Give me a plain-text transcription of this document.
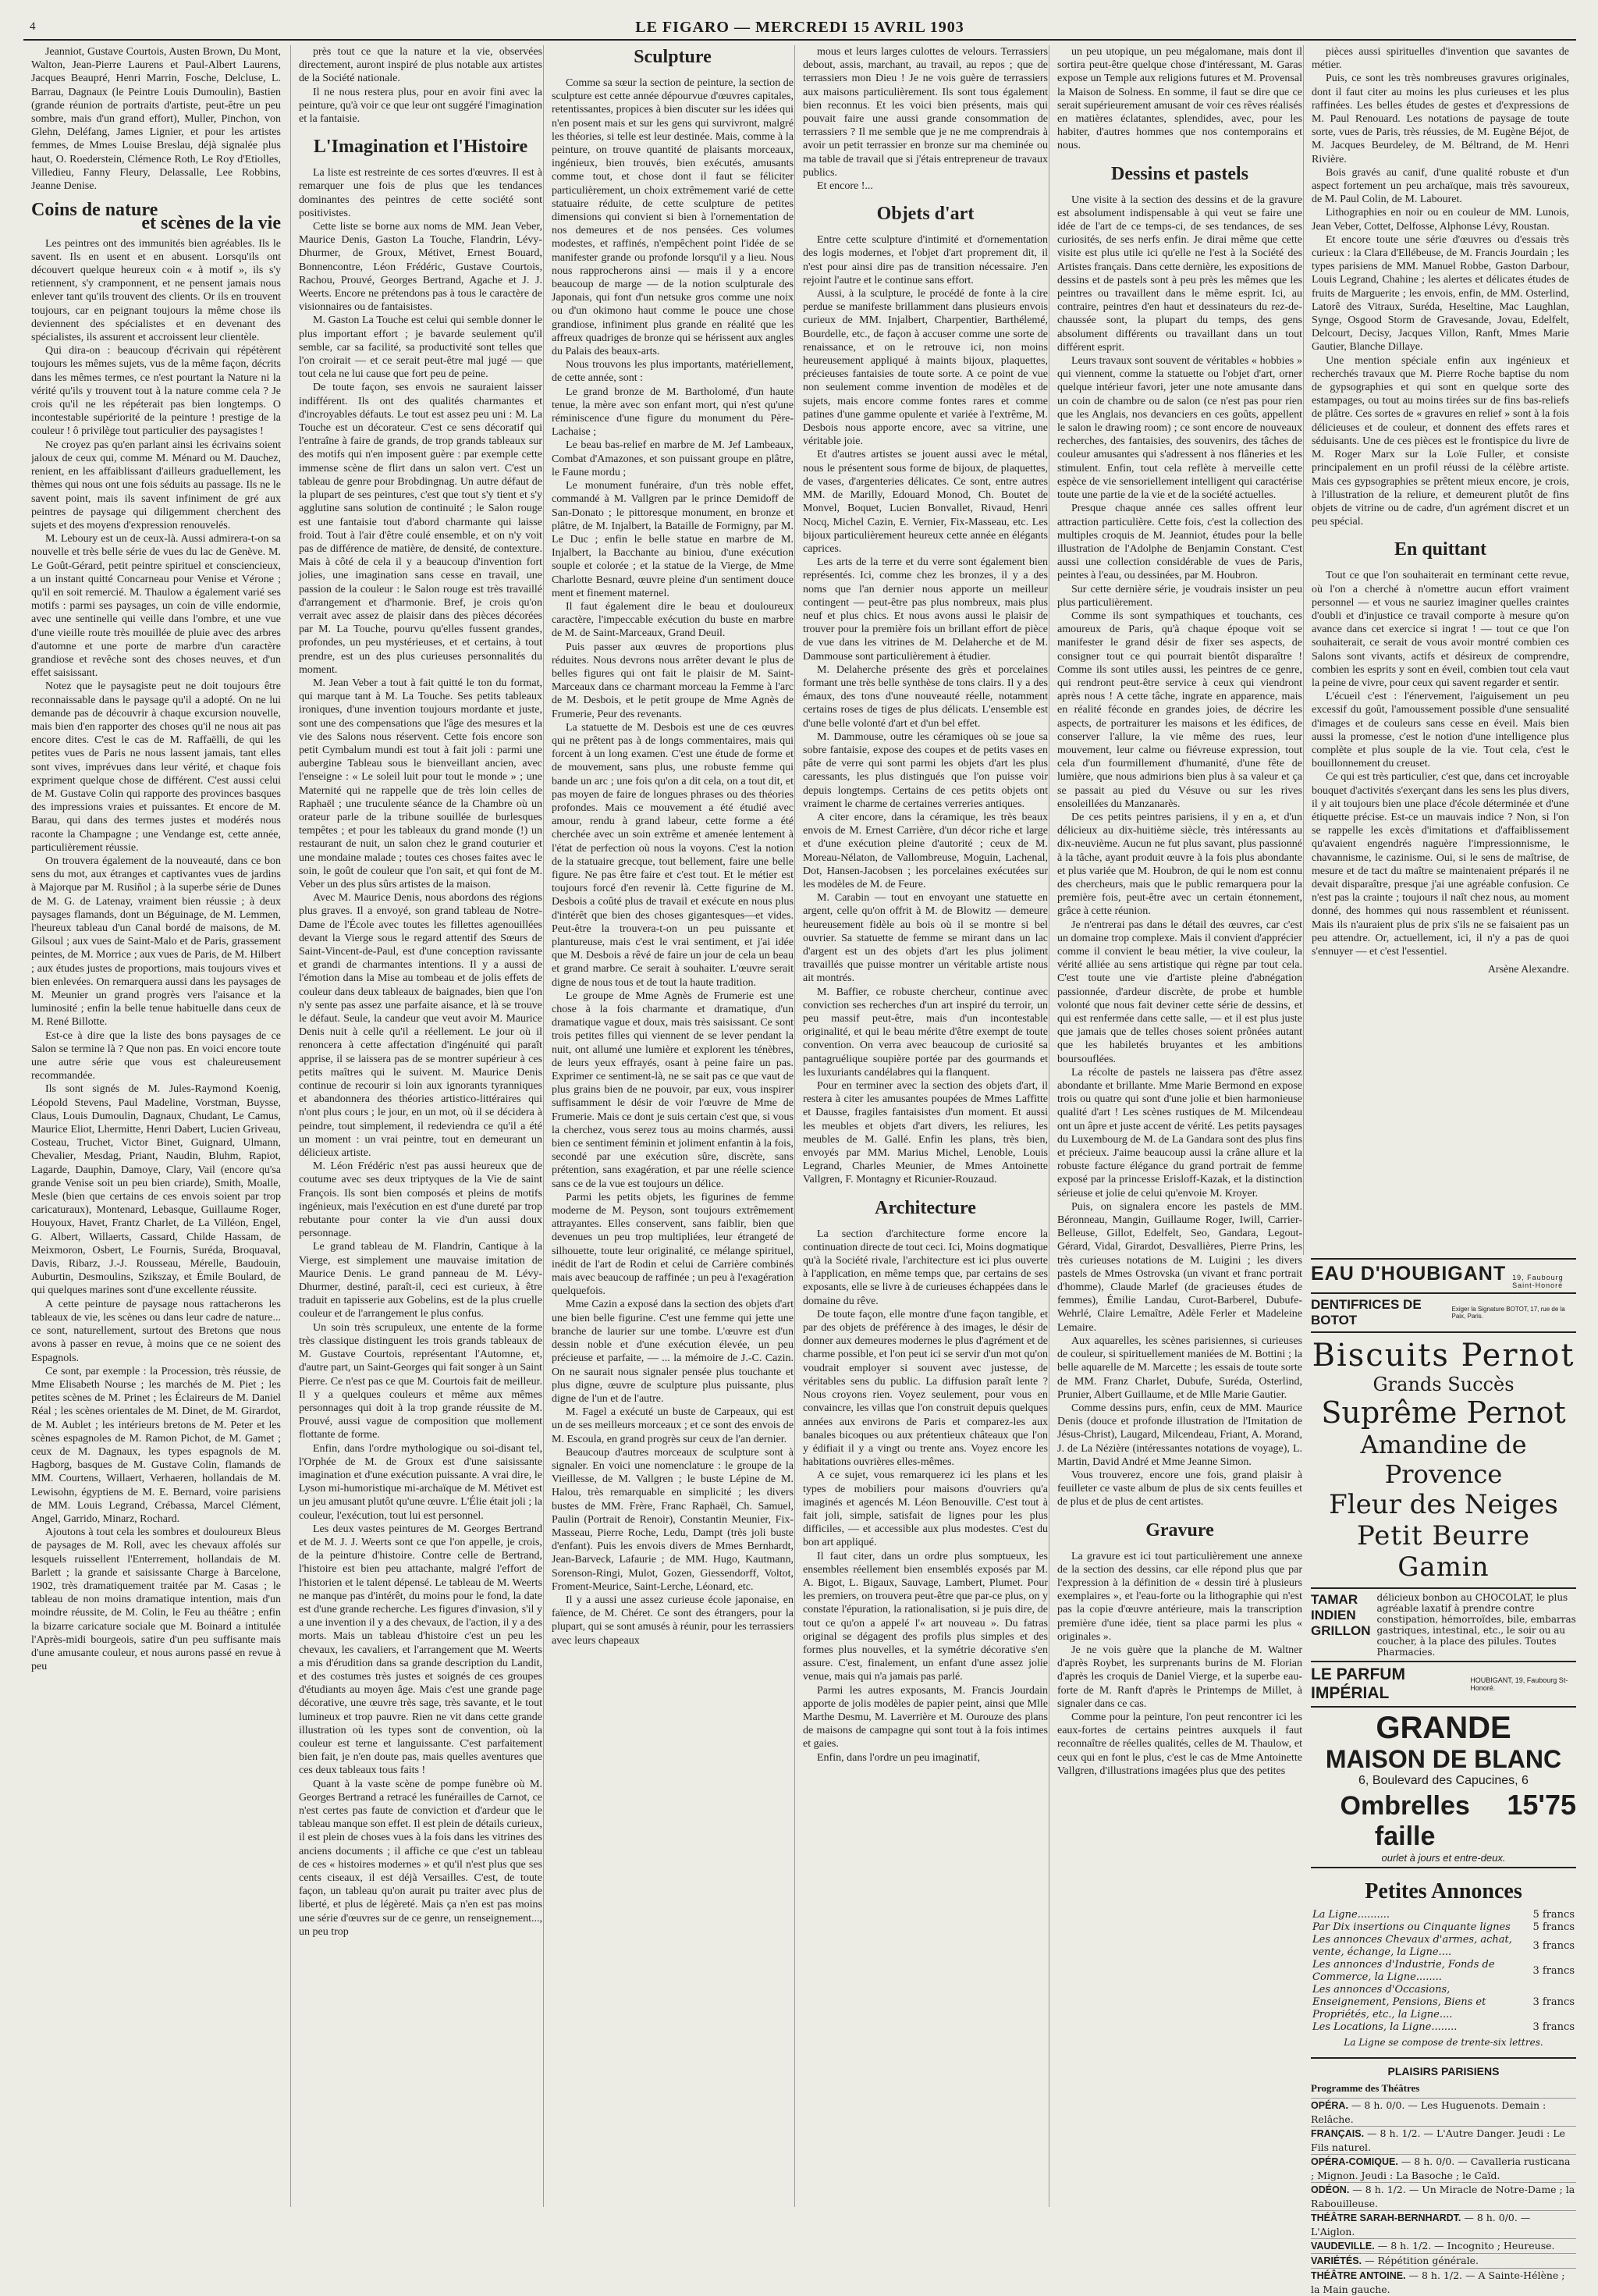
4	LE FIGARO — MERCREDI 15 AVRIL 1903

Jeanniot, Gustave Courtois, Austen Brown, Du Mont, Walton, Jean-Pierre Laurens et Paul-Albert Laurens, Jacques Beaupré, Henri Marrin, Fosche, Delcluse, L. Barrau, Dagnaux (le Peintre Louis Dumoulin), Bastien (grande réunion de portraits d'artiste, peut-être un peu sombre, mais d'un grand effort), Muller, Pinchon, von Glehn, Deléfang, James Lignier, et pour les artistes femmes, de Mmes Louise Breslau, déjà signalée plus haut, O. Roederstein, Clémence Roth, Le Roy d'Etiolles, Villedieu, Fanny Fleury, Delassalle, Lee Robbins, Jeanne Denise.

Coins de nature
et scènes de la vie

Les peintres ont des immunités bien agréables. Ils le savent. Ils en usent et en abusent. Lorsqu'ils ont découvert quelque heureux coin « à motif », ils s'y retiennent, s'y cramponnent, et ne pensent jamais nous enlever tant qu'ils trouvent des clients. Or ils en trouvent toujours, car en peignant toujours la même chose ils deviennent des spécialistes et en devenant des spécialistes, ils assurent et accroissent leur clientèle.

Qui dira-on : beaucoup d'écrivain qui répétèrent toujours les mêmes sujets, vus de la même façon, décrits dans les mêmes termes, ce n'est pourtant la Nature ni la vérité qu'ils y trouvent tout à la nature comme cela ? Je crois qu'il ne les répéterait pas bien longtemps. O incontestable supériorité de la peinture ! prestige de la couleur ! ô privilège tout particulier des paysagistes !

Ne croyez pas qu'en parlant ainsi les écrivains soient jaloux de ceux qui, comme M. Ménard ou M. Dauchez, renient, en les affaiblissant d'ailleurs graduellement, les thèmes qui nous ont une fois séduits au passage. Ils ne le savent point, mais ils savent infiniment de gré aux peintres de paysage qui diligemment cherchent des sujets et des moyens d'expression renouvelés.

M. Leboury est un de ceux-là. Aussi admirera-t-on sa nouvelle et très belle série de vues du lac de Genève. M. Le Goût-Gérard, petit peintre spirituel et consciencieux, a un instant quitté Concarneau pour Venise et Vérone ; qu'il en soit remercié. M. Thaulow a également varié ses motifs : parmi ses paysages, un coin de ville endormie, avec une sentinelle qui veille dans l'ombre, et une vue d'une vieille route très mouillée de pluie avec des arbres d'automne et une porte de marbre d'un caractère grandiose et revêche sont des choses neuves, et d'un effet saisissant.

Notez que le paysagiste peut ne doit toujours être reconnaissable dans le paysage qu'il a adopté. On ne lui demande pas de découvrir à chaque excursion nouvelle, mais bien d'en rapporter des choses qu'il ne nous ait pas encore dites. C'est le cas de M. Raffaëlli, de qui les petites vues de Paris ne nous lassent jamais, tant elles sont vives, imprévues dans leur vérité, et chaque fois expriment quelque chose de différent. C'est aussi celui de M. Gustave Colin qui rapporte des provinces basques des impressions vraies et puissantes. Et encore de M. Barau, qui dans des termes justes et modérés nous raconte la Champagne ; une Vendange est, cette année, particulièrement réussie.

On trouvera également de la nouveauté, dans ce bon sens du mot, aux étranges et captivantes vues de jardins à Majorque par M. Rusiñol ; à la superbe série de Dunes de M. G. de Latenay, vraiment bien réussie ; à deux paysages flamands, dont un Béguinage, de M. Lemmen, l'heureux tableau d'un Canal bordé de maisons, de M. Gilsoul ; aux vues de Saint-Malo et de Paris, grassement peintes, de M. Morrice ; aux vues de Paris, de M. Hilbert ; aux études justes de proportions, mais toujours vives et bien enlevées. On remarquera aussi dans les paysages de M. Meunier un grand progrès vers l'aisance et la luminosité ; enfin la belle tenue habituelle dans ceux de M. René Billotte.

Est-ce à dire que la liste des bons paysages de ce Salon se termine là ? Que non pas. En voici encore toute une autre série que vous est chaleureusement recommandée.

Ils sont signés de M. Jules-Raymond Koenig, Léopold Stevens, Paul Madeline, Vorstman, Buysse, Claus, Louis Dumoulin, Dagnaux, Chudant, Le Camus, Maurice Eliot, Lhermitte, Henri Dabert, Lucien Griveau, Costeau, Truchet, Victor Binet, Guignard, Ulmann, Chevalier, Mesdag, Priant, Naudin, Bluhm, Rapiot, Lagarde, Dauphin, Damoye, Clary, Vail (encore qu'sa grande Venise soit un peu bien criarde), Smith, Moalle, Mesle (bien que certains de ces envois soient par trop caricaturaux), Montenard, Lebasque, Guillaume Roger, Houyoux, Havet, Frantz Charlet, de La Villéon, Engel, G. Albert, Willaerts, Cassard, Childe Hassam, de Meixmoron, Osbert, Le Fournis, Suréda, Broquaval, Davis, Ribarz, J.-J. Rousseau, Mérelle, Baudouin, Auburtin, Desmoulins, Szikszay, et Émile Boulard, de qui quelques marines sont d'une excellente réussite.

A cette peinture de paysage nous rattacherons les tableaux de vie, les scènes ou dans leur cadre de nature... ce sont, naturellement, surtout des Bretons que nous avons à passer en revue, à moins que ce ne soient des Espagnols.

Ce sont, par exemple : la Procession, très réussie, de Mme Elisabeth Nourse ; les marchés de M. Piet ; les petites scènes de M. Prinet ; les Éclaireurs de M. Daniel Réal ; les scènes orientales de M. Dinet, de M. Girardot, de M. Aublet ; les intérieurs bretons de M. Peter et les scènes espagnoles de M. Ramon Pichot, de M. Gamet ; ceux de M. Dagnaux, les types espagnols de M. Hagborg, basques de M. Gustave Colin, flamands de MM. Courtens, Willaert, Verhaeren, hollandais de M. Lewisohn, égyptiens de M. E. Bernard, voire parisiens de MM. Louis Legrand, Crébassa, Marcel Clément, Angel, Garrido, Minarz, Rochard.

Ajoutons à tout cela les sombres et douloureux Bleus de paysages de M. Roll, avec les chevaux affolés sur lesquels ruissellent l'Enterrement, hollandais de M. Barlett ; la grande et saisissante Charge à Barcelone, 1902, très dramatiquement traitée par M. Casas ; le tableau de non moins dramatique intention, mais d'un moindre réussite, de M. Colin, le Feu au théâtre ; enfin la bizarre caricature sociale que M. Boinard a intitulée l'Après-midi bourgeois, satire d'un peu suffisante mais d'une amusante couleur, et nous aurons passé en revue à peu

près tout ce que la nature et la vie, observées directement, auront inspiré de plus notable aux artistes de la Société nationale.

Il ne nous restera plus, pour en avoir fini avec la peinture, qu'à voir ce que leur ont suggéré l'imagination et la fantaisie.

L'Imagination et l'Histoire

La liste est restreinte de ces sortes d'œuvres. Il est à remarquer une fois de plus que les tendances dominantes des peintres de cette société sont positivistes.

Cette liste se borne aux noms de MM. Jean Veber, Maurice Denis, Gaston La Touche, Flandrin, Lévy-Dhurmer, de Groux, Métivet, Ernest Bouard, Bonnencontre, Léon Frédéric, Gustave Courtois, Rachou, Prouvé, Georges Bertrand, Agache et J. J. Weerts. Encore ne prétendons pas à tous le caractère de visionnaires ou de fantaisistes.

M. Gaston La Touche est celui qui semble donner le plus important effort ; je bavarde seulement qu'il semble, car sa facilité, sa productivité sont telles que l'on croirait — et ce serait peut-être mal jugé — que tout cela ne lui cause que fort peu de peine.

De toute façon, ses envois ne sauraient laisser indifférent. Ils ont des qualités charmantes et d'incroyables défauts. Le tout est assez peu uni : M. La Touche est un décorateur. C'est ce sens décoratif qui l'entraîne à faire de grands, de trop grands tableaux sur des motifs qui n'en imposent guère : par exemple cette immense scène de flirt dans un salon vert. C'est un tableau de genre pour Brobdingnag. Un autre défaut de la plupart de ses peintures, c'est que tout s'y tient et s'y agglutine sans solution de continuité ; le Salon rouge est une fantaisie tout d'abord charmante qui laisse froid. Tout à l'air d'être coulé ensemble, et on n'y voit pas de différence de matière, de densité, de contexture. Mais à côté de cela il y a beaucoup d'invention fort jolies, une imagination sans cesse en travail, une passion de la couleur : le Salon rouge est très travaillé d'arrangement et d'harmonie. Bref, je crois qu'on verrait avec assez de plaisir dans des pièces décorées par M. La Touche, pourvu qu'elles fussent grandes, profondes, un peu mystérieuses, et et certains, à tout prendre, est un des plus curieuses personnalités du moment.

M. Jean Veber a tout à fait quitté le ton du format, qui marque tant à M. La Touche. Ses petits tableaux ironiques, d'une invention toujours mordante et juste, sont une des compensations que l'âge des mesures et la vie des Salons nous réservent. Cette fois encore son petit Cymbalum mundi est tout à fait joli : parmi une aubergine Tableau sous le bienveillant ancien, avec l'enseigne : « Le soleil luit pour tout le monde » ; une Maternité qui ne rappelle que de très loin celles de Raphaël ; une truculente séance de la Chambre où un orateur parle de la tribune souillée de burlesques tempêtes ; et pour les tableaux du grand monde (!) un restaurant de nuit, un salon chez le grand couturier et une mondaine malade ; toutes ces choses faites avec le soin, le goût de couleur que l'on sait, et qui font de M. Veber un des plus sûrs artistes de la maison.

Avec M. Maurice Denis, nous abordons des régions plus graves. Il a envoyé, son grand tableau de Notre-Dame de l'École avec toutes les fillettes agenouillées devant la Vierge sous le regard attentif des Sœurs de Saint-Vincent-de-Paul, est d'une conception ravissante et grandi de charmantes intentions. Il y a aussi de l'émotion dans la Mise au tombeau et de jolis effets de couleur dans deux tableaux de baignades, bien que l'on n'y sente pas assez une parfaite aisance, et là se trouve le défaut. Seule, la candeur que veut avoir M. Maurice Denis nuit à celle qu'il a réellement. Le jour où il renoncera à cette affectation d'ingénuité qui paraît apprise, il se laissera pas de se montrer supérieur à ces petits maîtres qui le suivent. M. Maurice Denis continue de recourir si loin aux ignorants tyranniques et abandonnera des théories artistico-littéraires qui n'ont plus cours ; le jour, en un mot, où il se décidera à peindre, tout simplement, il redeviendra ce qu'il a été un moment : un vrai peintre, tout en demeurant un délicieux artiste.

M. Léon Frédéric n'est pas aussi heureux que de coutume avec ses deux triptyques de la Vie de saint François. Ils sont bien composés et pleins de motifs ingénieux, mais l'exécution en est d'une dureté par trop rebutante pour conter la vie d'un aussi doux personnage.

Le grand tableau de M. Flandrin, Cantique à la Vierge, est simplement une mauvaise imitation de Maurice Denis. Le grand panneau de M. Lévy-Dhurmer, destiné, paraît-il, ceci est curieux, à être traduit en tapisserie aux Gobelins, est de la plus cruelle couleur et de l'arrangement le plus confus.

Un soin très scrupuleux, une entente de la forme très classique distinguent les trois grands tableaux de M. Gustave Courtois, représentant l'Automne, et, d'autre part, un Saint-Georges qui fait songer à un Saint Pierre. Ce n'est pas ce que M. Courtois fait de meilleur. Il y a quelques couleurs et même aux mêmes personnages qui doit à la trop grande réussite de M. Prouvé, aussi vague de composition que mollement flottante de forme.

Enfin, dans l'ordre mythologique ou soi-disant tel, l'Orphée de M. de Groux est d'une saisissante imagination et d'une exécution puissante. A vrai dire, le Lyson mi-humoristique mi-archaïque de M. Métivet est un jeu amusant plutôt qu'une œuvre. L'Élie était joli ; la couleur, l'exécution, tout lui est personnel.

Les deux vastes peintures de M. Georges Bertrand et de M. J. J. Weerts sont ce que l'on appelle, je crois, de la peinture d'histoire. Contre celle de Bertrand, l'histoire est bien peu attachante, malgré l'effort de l'historien et le talent dépensé. Le tableau de M. Weerts ne manque pas d'intérêt, du moins pour le fond, la date est d'une grande recherche. Les figures d'invasion, s'il y a une invention il y a des chevaux, de l'action, il y a des morts. Mais un tableau d'histoire c'est un peu les chevaux, les cavaliers, et l'arrangement que M. Weerts a mis d'érudition dans sa grande description du Landit, et des costumes très justes et soignés de ces groupes d'étudiants au moyen âge. Mais c'est une grande page décorative, une œuvre très sage, très savante, et le tout lumineux et trop pauvre. Rien ne vit dans cette grande illustration où les types sont de convention, où la couleur est terne et languissante. C'est parfaitement bien fait, je n'en doute pas, mais quelles aventures que ces deux tableaux tous faits !

Quant à la vaste scène de pompe funèbre où M. Georges Bertrand a retracé les funérailles de Carnot, ce n'est certes pas faute de conviction et d'ardeur que le tableau manque son effet. Il est plein de détails curieux, il est plein de choses vues à la fois dans les vitrines des anciens documents ; il affiche ce que c'est un tableau de ces « histoires modernes » et qu'il n'est plus que ses cents ciseaux, il est déjà Versailles. C'est, de toute façon, un tableau qu'on aurait pu traiter avec plus de liberté, et plus de légèreté. Mais ça n'en est pas moins une série d'œuvres sur de ce genre, un renseignement..., un peu trop

Sculpture

Comme sa sœur la section de peinture, la section de sculpture est cette année dépourvue d'œuvres capitales, retentissantes, propices à bien discuter sur les idées qui n'en posent mais et sur les gens qui survivront, malgré les théories, si telle est leur destinée. Mais, comme à la peinture, on trouve quantité de plaisants morceaux, ingénieux, bien trouvés, bien exécutés, amusants comme tout, et chose dont il faut se féliciter particulièrement, un choix extrêmement varié de cette statuaire réduite, de cette sculpture de petites dimensions qui convient si bien à l'ornementation de nos demeures et de nos pensées. Ces volumes modestes, et raffinés, n'empêchent point l'idée de se manifester grande ou profonde lorsqu'il y a lieu. Nous nous rapprocherons ainsi — mais il y a encore beaucoup de marge — de la notion sculpturale des Japonais, qui font d'un netsuke gros comme une noix ou d'un okimono haut comme le pouce une chose grandiose, infiniment plus grande en réalité que les affreux quadriges de bronze qui se hérissent aux angles du Palais des beaux-arts.

Nous trouvons les plus importants, matériellement, de cette année, sont :

Le grand bronze de M. Bartholomé, d'un haute tenue, la mère avec son enfant mort, qui n'est qu'une réminiscence d'une figure du monument du Père-Lachaise ;

Le beau bas-relief en marbre de M. Jef Lambeaux, Combat d'Amazones, et son puissant groupe en plâtre, le Faune mordu ;

Le monument funéraire, d'un très noble effet, commandé à M. Vallgren par le prince Demidoff de San-Donato ; le pittoresque monument, en bronze et plâtre, de M. Injalbert, la Bataille de Formigny, par M. Le Duc ; enfin le belle statue en marbre de M. Injalbert, la Bacchante au biniou, d'une exécution souple et colorée ; et la statue de la Vierge, de Mme Charlotte Besnard, œuvre pleine d'un sentiment douce ment et finement maternel.

Il faut également dire le beau et douloureux caractère, l'impeccable exécution du buste en marbre de M. de Saint-Marceaux, Grand Deuil.

Puis passer aux œuvres de proportions plus réduites. Nous devrons nous arrêter devant le plus de belles figures qui ont fait le plaisir de M. Saint-Marceaux dans ce charmant morceau la Femme à l'arc de M. Desbois, et le petit groupe de Mme Agnès de Frumerie, Peur des revenants.

La statuette de M. Desbois est une de ces œuvres qui ne prêtent pas à de longs commentaires, mais qui forcent à un long examen. C'est une étude de forme et de mouvement, sans plus, une robuste femme qui bande un arc ; une fois qu'on a dit cela, on a tout dit, et pas moyen de faire de longues phrases ou des théories profondes. Mais ce mouvement a été étudié avec amour, rendu à grand labeur, cette forme a été cherchée avec un soin extrême et amenée lentement à l'état de perfection où nous la voyons. C'est la notion de la statuaire grecque, tout bellement, faire une belle figure. Ne pas être faire et c'est tout. Et le métier est toujours forcé d'en revenir là. Cette figurine de M. Desbois a coûté plus de travail et exécute en nous plus d'intérêt que bien des choses gigantesques—et vides. Peut-être la trouvera-t-on un peu puissante et plantureuse, mais c'est le vrai sentiment, et j'ai idée que M. Desbois a rêvé de faire un jour de cela un beau et grand marbre. Ce serait à souhaiter. L'œuvre serait digne de nous tous et de tout la haute tradition.

Le groupe de Mme Agnès de Frumerie est une chose à la fois charmante et dramatique, d'un dramatique vague et doux, mais très saisissant. Ce sont trois petites filles qui viennent de se lever pendant la nuit, ont allumé une lumière et explorent les ténèbres, de leurs yeux effrayés, osant à peine faire un pas. Exprimer ce sentiment-là, ne se sait pas ce que vaut de plus grains bien de ne pouvoir, par eux, vous inspirer suffisamment le désir de voir l'œuvre de Mme de Frumerie. Mais ce dont je suis certain c'est que, si vous la cherchez, vous serez tous au moins charmés, aussi bien ce sentiment féminin et joliment enfantin à la fois, secondé par une exécution sûre, discrète, sans prétention, sans exagération, et par une réelle science sans ce de la vue est toujours un délice.

Parmi les petits objets, les figurines de femme moderne de M. Peyson, sont toujours extrêmement attrayantes. Elles conservent, sans faiblir, bien que devenues un peu trop multipliées, leur étrangeté de silhouette, toute leur originalité, ce mélange spirituel, inédit de l'art de Rodin et celui de Carrière combinés mais avec beaucoup de raffinée ; un peu à l'exagération quelquefois.

Mme Cazin a exposé dans la section des objets d'art une bien belle figurine. C'est une femme qui jette une branche de laurier sur une tombe. L'œuvre est d'un dessin noble et d'une exécution élevée, un peu précieuse et parfaite, — ... la mémoire de J.-C. Cazin. On ne saurait nous signaler pensée plus touchante et plus digne, œuvre de sculpture plus puissante, plus digne de l'un et de l'autre.

M. Fagel a exécuté un buste de Carpeaux, qui est un de ses meilleurs morceaux ; et ce sont des envois de M. Escoula, en grand progrès sur ceux de l'an dernier.

Beaucoup d'autres morceaux de sculpture sont à signaler. En voici une nomenclature : le groupe de la Vieillesse, de M. Vallgren ; le buste Lépine de M. Halou, très remarquable en simplicité ; les divers bustes de MM. Frère, Franc Raphaël, Ch. Samuel, Paulin (Portrait de Renoir), Constantin Meunier, Fix-Masseau, Pierre Roche, Ledu, Dampt (très joli buste d'enfant). Puis les envois divers de Mmes Bernhardt, Jean-Barveck, Lafaurie ; de MM. Hugo, Kautmann, Sorenson-Ringi, Mulot, Gozen, Giessendorff, Voltot, Froment-Meurice, Saint-Lerche, Léonard, etc.

Il y a aussi une assez curieuse école japonaise, en faïence, de M. Chéret. Ce sont des étrangers, pour la plupart, qui se sont amusés à réunir, pour les terrassiers avec leurs chapeaux

mous et leurs larges culottes de velours. Terrassiers debout, assis, marchant, au travail, au repos ; que de terrassiers mon Dieu ! Je ne vois guère de terrassiers aux maisons particulièrement. Ils sont tous également bien reconnus. Et les voici bien présents, mais qui pouvait faire une aussi grande consommation de terrassiers ? Il me semble que je ne me comprendrais à avoir un petit terrassier en bronze sur ma cheminée ou ma table de travail que si j'étais entrepreneur de travaux publics.

Et encore !...

Objets d'art

Entre cette sculpture d'intimité et d'ornementation des logis modernes, et l'objet d'art proprement dit, il n'est pour ainsi dire pas de transition nécessaire. J'en rejoint l'autre et le continue sans effort.

Aussi, à la sculpture, le procédé de fonte à la cire perdue se manifeste brillamment dans plusieurs envois curieux de MM. Injalbert, Charpentier, Barthélemé, Bourdelle, etc., de façon à accuser comme une sorte de renaissance, et on le retrouve ici, non moins heureusement appliqué à maints bijoux, plaquettes, précieuses fantaisies de toute sorte. A ce point de vue non seulement comme invention de modèles et de sujets, mais encore comme fontes rares et comme patines d'une gamme opulente et variée à l'extrême, M. Desbois nous apporte encore, avec sa vitrine, une véritable joie.

Et d'autres artistes se jouent aussi avec le métal, nous le présentent sous forme de bijoux, de plaquettes, de vases, d'argenteries délicates. Ce sont, entre autres MM. de Marilly, Edouard Monod, Ch. Boutet de Monvel, Boquet, Lucien Bonvallet, Rivaud, Henri Nocq, Michel Cazin, E. Vernier, Fix-Masseau, etc. Les bijoux particulièrement heureux cette année en élégants caprices.

Les arts de la terre et du verre sont également bien représentés. Ici, comme chez les bronzes, il y a des noms que l'an dernier nous apporte un meilleur contingent — peut-être pas plus nombreux, mais plus neuf et plus chics. Et nous avons aussi le plaisir de trouver pour la première fois un brillant effort de pièce de vue dans les vitrines de M. Delaherche et de M. Dammouse sont particulièrement à étudier.

M. Delaherche présente des grès et porcelaines formant une très belle synthèse de tons clairs. Il y a des émaux, des tons d'une nouveauté réelle, notamment certains roses de tiges de plus délicats. L'ensemble est d'une belle volonté d'art et d'un bel effet.

M. Dammouse, outre les céramiques où se joue sa sobre fantaisie, expose des coupes et de petits vases en pâte de verre qui sont parmi les objets d'art les plus caressants, les plus distingués que l'on puisse voir depuis longtemps. Certains de ces petits objets ont vraiment le charme de certaines verreries antiques.

A citer encore, dans la céramique, les très beaux envois de M. Ernest Carrière, d'un décor riche et large et d'une exécution pleine d'autorité ; ceux de M. Moreau-Nélaton, de Vallombreuse, Moguin, Lachenal, Dot, Hansen-Jacobsen ; les porcelaines exécutées sur les modèles de M. de Feure.

M. Carabin — tout en envoyant une statuette en argent, celle qu'on offrit à M. de Blowitz — demeure heureusement fidèle au bois où il se montre si bel ouvrier. Sa statuette de femme se mirant dans un lac d'argent est un des objets d'art les plus joliment travaillés que puisse montrer un véritable artiste nous ait montrés.

M. Baffier, ce robuste chercheur, continue avec conviction ses recherches d'un art inspiré du terroir, un peu massif peut-être, mais d'un incontestable originalité, et qui le beau mérite d'être exempt de toute convention. On verra avec beaucoup de curiosité sa pantagruélique soupière portée par des gourmands et les luxuriants candélabres qui la flanquent.

Pour en terminer avec la section des objets d'art, il restera à citer les amusantes poupées de Mmes Laffitte et Dausse, fragiles fantaisistes d'un moment. Et aussi les meubles et objets d'art divers, les reliures, les meubles de M. Gallé. Enfin les plans, très bien, envoyés par MM. Marius Michel, Lenoble, Louis Legrand, Charles Meunier, de Mmes Antoinette Vallgren, F. Montagny et Ricunier-Rouzaud.

Architecture

La section d'architecture forme encore la continuation directe de tout ceci. Ici, Moins dogmatique qu'à la Société rivale, l'architecture est ici plus ouverte à l'application, en même temps que, par certains de ses exposants, elle se livre à de curieuses échappées dans le domaine du rêve.

De toute façon, elle montre d'une façon tangible, et par des objets de préférence à des images, le désir de donner aux demeures modernes le plus d'agrément et de charme possible, et l'on peut ici se servir d'un mot qu'on voudrait employer si souvent avec justesse, de véritables sens du public. La diffusion paraît lente ? Nous croyons rien. Voyez seulement, pour vous en convaincre, les villas que l'on construit depuis quelques années aux environs de Paris et comparez-les aux banales bicoques ou aux prétentieux châteaux que l'on y édifiait il y a vingt ou trente ans. Voyez encore les habitations ouvrières elles-mêmes.

A ce sujet, vous remarquerez ici les plans et les types de mobiliers pour maisons d'ouvriers qu'a imaginés et agencés M. Léon Benouville. C'est tout à fait joli, simple, satisfait de lignes pour les plus difficiles, — et accessible aux plus modestes. C'est du bon art appliqué.

Il faut citer, dans un ordre plus somptueux, les ensembles réellement bien ensemblés exposés par M. A. Bigot, L. Bigaux, Sauvage, Lambert, Plumet. Pour les premiers, on trouvera peut-être que par-ce plus, on y constate l'épuration, la rationalisation, si je puis dire, de tout ce qu'on a appelé l'« art nouveau ». Du fatras original se dégagent des profils plus simples et des formes plus nouvelles, et la symétrie décorative s'en assure. C'est, finalement, un enfant d'une assez jolie venue, mais qui n'a jamais pas parlé.

Parmi les autres exposants, M. Francis Jourdain apporte de jolis modèles de papier peint, ainsi que Mlle Marthe Desmu, M. Laverrière et M. Ourouze des plans de maisons de campagne qui sont tout à la fois intimes et gaies.

Enfin, dans l'ordre un peu imaginatif,

un peu utopique, un peu mégalomane, mais dont il sortira peut-être quelque chose d'intéressant, M. Garas expose un Temple aux religions futures et M. Provensal la Maison de Solness. En somme, il faut se dire que ce serait supérieurement amusant de voir ces rêves réalisés en matières éclatantes, splendides, avec, pour les habiter, d'autres hommes que nos contemporains et nous.

Dessins et pastels

Une visite à la section des dessins et de la gravure est absolument indispensable à qui veut se faire une idée de l'art de ce temps-ci, de ses tendances, de ses curiosités, de ses nerfs enfin. Je dirai même que cette visite est plus utile ici qu'elle ne l'est à la Société des Artistes français. Dans cette dernière, les expositions de dessins et de pastels sont à peu près les mêmes que les peintres ou travaillent dans le même esprit. Ici, au contraire, peintres d'en haut et dessinateurs du rez-de-chaussée sont, la plupart du temps, des gens absolument différents ou travaillant dans un tout différent esprit.

Leurs travaux sont souvent de véritables « hobbies » qui viennent, comme la statuette ou l'objet d'art, orner quelque intérieur favori, jeter une note amusante dans un coin de chambre ou de salon (ce n'est pas pour rien que les Anglais, nos devanciers en ces goûts, appellent le salon le drawing room) ; ce sont encore de nouveaux recherches, des fantaisies, des souvenirs, des tâches de couleur amusantes qui s'adressent à nos flâneries et les stimulent. Enfin, tout cela reflète à merveille cette espèce de vie sensoriellement intelligent qui caractérise toute une partie de la vie et de la société actuelles.

Presque chaque année ces salles offrent leur attraction particulière. Cette fois, c'est la collection des multiples croquis de M. Jeanniot, études pour la belle illustration de l'Adolphe de Benjamin Constant. C'est aussi une collection considérable de vues de Paris, peintes à l'eau, ou dessinées, par M. Houbron.

Sur cette dernière série, je voudrais insister un peu plus particulièrement.

Comme ils sont sympathiques et touchants, ces amoureux de Paris, qu'à chaque époque voit se manifester le grand désir de fixer ses aspects, de consigner tout ce qui pourrait bientôt disparaître ! Comme ils sont utiles aussi, les peintres de ce genre, qui rendront peut-être service à ceux qui viendront après nous ! A cette tâche, ingrate en apparence, mais en réalité féconde en grandes joies, de décrire les aspects, de portraiturer les maisons et les édifices, de conserver l'allure, la vie même des rues, leur mouvement, leur calme ou fiévreuse expression, tout cela d'un fourmillement d'humanité, d'une fête de lumière, que nous admirions bien plus à sa valeur et ça se passait au pied du Vésuve ou sur les rives ensoleillées du Manzanarès.

De ces petits peintres parisiens, il y en a, et d'un délicieux au dix-huitième siècle, très intéressants au dix-neuvième. Aucun ne fut plus savant, plus passionné à la tâche, ayant produit œuvre à la fois plus abondante et plus variée que M. Houbron, de qui le nom est connu des chercheurs, mais que le public remarquera pour la première fois, peut-être avec un certain étonnement, grâce à cette réunion.

Je n'entrerai pas dans le détail des œuvres, car c'est un domaine trop complexe. Mais il convient d'apprécier comme il convient le beau métier, la vive couleur, la vérité alliée au sens artistique qui règne par tout cela. C'est toute une vie d'artiste pleine d'abnégation passionnée, d'ardeur discrète, de probe et humble volonté que nous fait deviner cette série de dessins, et qui est renfermée dans cette salle, — et il est plus juste que jamais que de telles choses soient prônées autant que les habiletés bruyantes et les ambitions boursouflées.

La récolte de pastels ne laissera pas d'être assez abondante et brillante. Mme Marie Bermond en expose trois ou quatre qui sont d'une jolie et bien harmonieuse qualité d'art ! Les scènes rustiques de M. Milcendeau ont un âpre et juste accent de vérité. Les petits paysages du Luxembourg de M. de La Gandara sont des plus fins et précieux. J'aime beaucoup aussi la crâne allure et la robuste facture élégance du grand portrait de femme exposé par la princesse Erisloff-Kazak, et la distinction sérieuse et jolie de celui qu'envoie M. Kroyer.

Puis, on signalera encore les pastels de MM. Béronneau, Mangin, Guillaume Roger, Iwill, Carrier-Belleuse, Gillot, Edelfelt, Seo, Gandara, Legout-Gérard, Vidal, Girardot, Desvallières, Pierre Prins, les très curieuses notations de M. Luigini ; les divers pastels de Mmes Ostrovska (un vivant et franc portrait d'homme), Claude Marlef (de gracieuses études de femmes), Émilie Landau, Curot-Barberel, Dubufe-Wehrlé, Claire Lemaître, Adèle Ferler et Madeleine Lemaire.

Aux aquarelles, les scènes parisiennes, si curieuses de couleur, si spirituellement maniées de M. Bottini ; la belle aquarelle de M. Marcette ; les essais de toute sorte de MM. Franz Charlet, Dubufe, Suréda, Osterlind, Prunier, Albert Guillaume, et de Mlle Marie Gautier.

Comme dessins purs, enfin, ceux de MM. Maurice Denis (douce et profonde illustration de l'Imitation de Jésus-Christ), Laugard, Milcendeau, Friant, A. Morand, J. de La Nézière (intéressantes notations de voyage), L. Martin, David André et Mme Jeanne Simon.

Vous trouverez, encore une fois, grand plaisir à feuilleter ce vaste album de plus de six cents feuilles et de plus et de plus de cent artistes.

Gravure

La gravure est ici tout particulièrement une annexe de la section des dessins, car elle répond plus que par l'expression à la définition de « dessin tiré à plusieurs exemplaires », et l'eau-forte ou la lithographie qui n'est pas la copie d'œuvre antérieure, mais la transcription première d'une idée, tient sa place parmi les plus « originales ».

Je ne vois guère que la planche de M. Waltner d'après Roybet, les surprenants burins de M. Florian d'après les croquis de Daniel Vierge, et la superbe eau-forte de M. Ranft d'après le Printemps de Millet, à signaler dans ce cas.

Comme pour la peinture, l'on peut rencontrer ici les eaux-fortes de certains peintres auxquels il faut reconnaître de réelles qualités, celles de M. Thaulow, et ceux qui en font le plus, c'est le cas de Mme Antoinette Vallgren, d'illustrations imagées plus que des petites

pièces aussi spirituelles d'invention que savantes de métier.

Puis, ce sont les très nombreuses gravures originales, dont il faut citer au moins les plus curieuses et les plus raffinées. Les belles études de gestes et d'expressions de M. Paul Renouard. Les notations de paysage de toute sorte, vues de Paris, très réussies, de M. Eugène Béjot, de M. Jacques Beurdeley, de M. Béltrand, de M. Henri Rivière.

Bois gravés au canif, d'une qualité robuste et d'un aspect fortement un peu archaïque, mais très savoureux, de M. Paul Colin, de M. Labouret.

Lithographies en noir ou en couleur de MM. Lunois, Jean Veber, Cottet, Delfosse, Alphonse Lévy, Roustan.

Et encore toute une série d'œuvres ou d'essais très curieux : la Clara d'Ellébeuse, de M. Francis Jourdain ; les types parisiens de MM. Manuel Robbe, Gaston Darbour, Louis Legrand, Chahine ; les alertes et délicates études de fruits de Marguerite ; les envois, enfin, de MM. Osterlind, Latorê des Vitraux, Suréda, Heseltine, Mac Laughlan, Synge, Osgood Storm de Gravesande, Jovau, Edelfelt, Delcourt, Decisy, Jacques Villon, Ranft, Mmes Marie Gautier, Blanche Dillaye.

Une mention spéciale enfin aux ingénieux et recherchés travaux que M. Pierre Roche baptise du nom de gypsographies et qui sont en quelque sorte des estampages, ou tout au moins tirées sur de fins bas-reliefs de plâtre. Ces sortes de « gravures en relief » sont à la fois délicieuses et de couleur, et donnent des effets rares et séduisants. Une de ces pièces est le frontispice du livre de M. Roger Marx sur la Loïe Fuller, et consiste principalement en un profil réussi de la célèbre artiste. Mais ces gypsographies se prêtent mieux encore, je crois, à l'illustration de la reliure, et demeurent plutôt de fins objets de vitrine ou de cadre, d'un agrément discret et un peu spécial.

En quittant

Tout ce que l'on souhaiterait en terminant cette revue, où l'on a cherché à n'omettre aucun effort vraiment personnel — et vous ne sauriez imaginer quelles craintes d'oubli et d'injustice ce travail comporte à mesure qu'on avance dans cet exercice si ingrat ! — tout ce que l'on souhaiterait, ce serait de vous avoir montré combien ces Salons sont vivants, actifs et désireux de comprendre, combien les esprits y sont en éveil, combien tout cela vaut la peine de vivre, pour ceux qui savent regarder et sentir.

L'écueil c'est : l'énervement, l'aiguisement un peu excessif du goût, l'amoussement possible d'une sensualité d'images et de couleurs sans cesse en éveil. Mais bien aussi la promesse, c'est le notion d'une intelligence plus complète et plus souple de la vie. Tout cela, c'est le bouillonnement du creuset.

Ce qui est très particulier, c'est que, dans cet incroyable bouquet d'activités s'exerçant dans les sens les plus divers, il y ait toujours bien une place d'école déterminée et d'une étiquette précise. Est-ce un mauvais indice ? Non, si l'on se rappelle les excès d'imitations et d'affaiblissement qu'avaient engendrés naguère l'impressionnisme, le chavannisme, le cazinisme. Oui, si le sens de maîtrise, de mesure et de tact du maître se maintenaient préparés il ne devait disparaître, presque j'ai une agréable confusion. Ce n'est pas la crainte ; toujours il naît chez nous, au moment donné, des hommes qui nous rassemblent et réunissent. Mais ils n'auraient plus de prix s'ils ne se faisaient pas un peu attendre. Or, actuellement, ici, il n'y a pas de quoi s'ennuyer — et c'est l'essentiel.

Arsène Alexandre.
EAU D'HOUBIGANT 19, Faubourg Saint-Honoré
DENTIFRICES DE BOTOT
Exiger la Signature BOTOT, 17, rue de la Paix, Paris.
Biscuits Pernot
Grands Succès
Suprême Pernot
Amandine de Provence
Fleur des Neiges
Petit Beurre Gamin
TAMAR INDIEN GRILLON
délicieux bonbon au CHOCOLAT, le plus agréable laxatif à prendre contre constipation, hémorroïdes, bile, embarras gastriques, intestinal, etc., le soir ou au coucher, à la place des pilules. Toutes Pharmacies.
LE PARFUM IMPÉRIAL
HOUBIGANT, 19, Faubourg St-Honoré.
GRANDE
MAISON DE BLANC
6, Boulevard des Capucines, 6
Ombrelles faille
15'75
ourlet à jours et entre-deux.
Petites Annonces
La Ligne..........	5 francs
Par Dix insertions ou Cinquante lignes	5 francs
Les annonces Chevaux d'armes, achat, vente, échange, la Ligne....	3 francs
Les annonces d'Industrie, Fonds de Commerce, la Ligne........	3 francs
Les annonces d'Occasions, Enseignement, Pensions, Biens et Propriétés, etc., la Ligne....	3 francs
Les Locations, la Ligne........	3 francs
La Ligne se compose de trente-six lettres.
PLAISIRS PARISIENS
Programme des Théâtres
OPÉRA. — 8 h. 0/0. — Les Huguenots. Demain : Relâche.
FRANÇAIS. — 8 h. 1/2. — L'Autre Danger. Jeudi : Le Fils naturel.
OPÉRA-COMIQUE. — 8 h. 0/0. — Cavalleria rusticana ; Mignon. Jeudi : La Basoche ; le Caïd.
ODÉON. — 8 h. 1/2. — Un Miracle de Notre-Dame ; la Rabouilleuse.
THÉÂTRE SARAH-BERNHARDT. — 8 h. 0/0. — L'Aiglon.
VAUDEVILLE. — 8 h. 1/2. — Incognito ; Heureuse.
VARIÉTÉS. — Répétition générale.
THÉÂTRE ANTOINE. — 8 h. 1/2. — A Sainte-Hélène ; la Main gauche.
